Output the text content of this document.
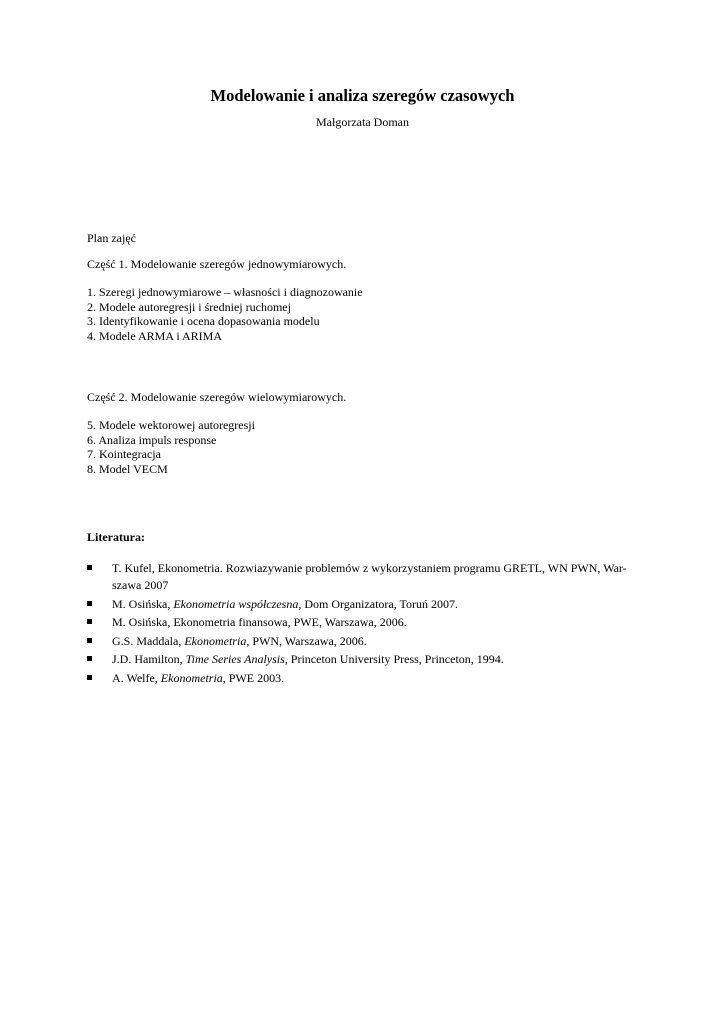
Modelowanie i analiza szeregów czasowych
Małgorzata Doman
Plan zajęć
Część 1. Modelowanie szeregów jednowymiarowych.
1. Szeregi jednowymiarowe – własności i diagnozowanie
2. Modele autoregresji i średniej ruchomej
3. Identyfikowanie i ocena dopasowania modelu
4. Modele ARMA i ARIMA
Część 2. Modelowanie szeregów wielowymiarowych.
5. Modele wektorowej autoregresji
6. Analiza impuls response
7. Kointegracja
8. Model VECM
Literatura:
T. Kufel, Ekonometria. Rozwiazywanie problemów z wykorzystaniem programu GRETL, WN PWN, War-
szawa 2007
M. Osińska, Ekonometria współczesna, Dom Organizatora, Toruń 2007.
M. Osińska, Ekonometria finansowa, PWE, Warszawa, 2006.
G.S. Maddala, Ekonometria, PWN, Warszawa, 2006.
J.D. Hamilton, Time Series Analysis, Princeton University Press, Princeton, 1994.
A. Welfe, Ekonometria, PWE 2003.
